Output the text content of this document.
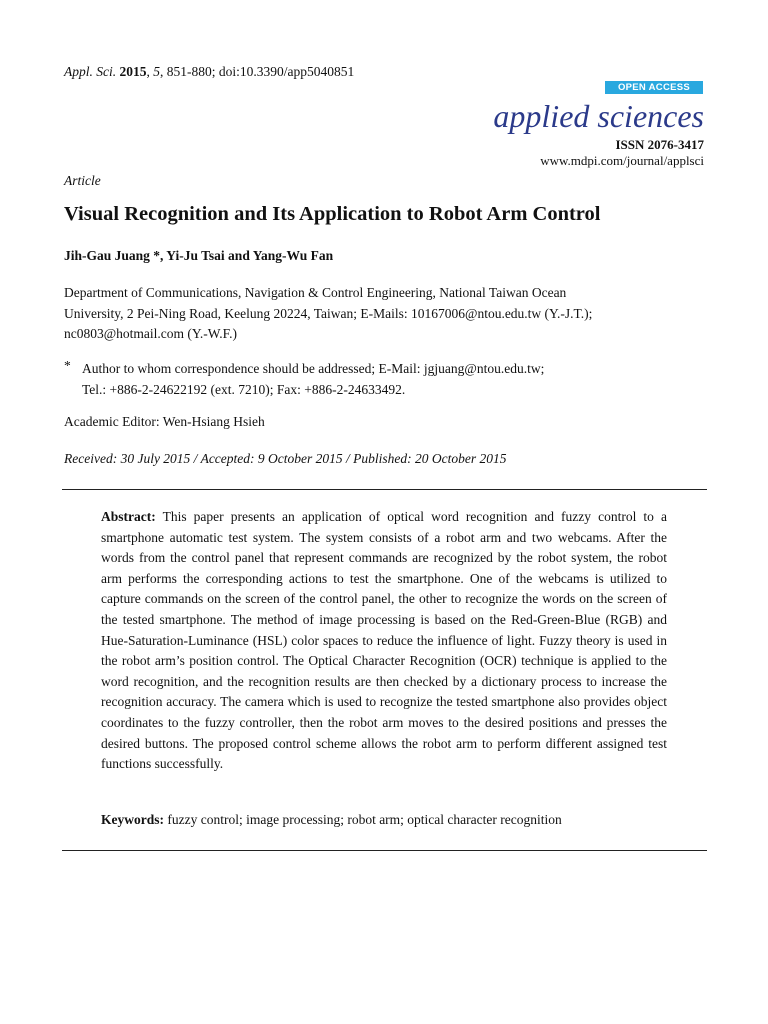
Appl. Sci. 2015, 5, 851-880; doi:10.3390/app5040851
OPEN ACCESS
applied sciences
ISSN 2076-3417
www.mdpi.com/journal/applsci
Article
Visual Recognition and Its Application to Robot Arm Control
Jih-Gau Juang *, Yi-Ju Tsai and Yang-Wu Fan
Department of Communications, Navigation & Control Engineering, National Taiwan Ocean
University, 2 Pei-Ning Road, Keelung 20224, Taiwan; E-Mails: 10167006@ntou.edu.tw (Y.-J.T.);
nc0803@hotmail.com (Y.-W.F.)
* Author to whom correspondence should be addressed; E-Mail: jgjuang@ntou.edu.tw;
Tel.: +886-2-24622192 (ext. 7210); Fax: +886-2-24633492.
Academic Editor: Wen-Hsiang Hsieh
Received: 30 July 2015 / Accepted: 9 October 2015 / Published: 20 October 2015
Abstract: This paper presents an application of optical word recognition and fuzzy control to a smartphone automatic test system. The system consists of a robot arm and two webcams. After the words from the control panel that represent commands are recognized by the robot system, the robot arm performs the corresponding actions to test the smartphone. One of the webcams is utilized to capture commands on the screen of the control panel, the other to recognize the words on the screen of the tested smartphone. The method of image processing is based on the Red-Green-Blue (RGB) and Hue-Saturation-Luminance (HSL) color spaces to reduce the influence of light. Fuzzy theory is used in the robot arm’s position control. The Optical Character Recognition (OCR) technique is applied to the word recognition, and the recognition results are then checked by a dictionary process to increase the recognition accuracy. The camera which is used to recognize the tested smartphone also provides object coordinates to the fuzzy controller, then the robot arm moves to the desired positions and presses the desired buttons. The proposed control scheme allows the robot arm to perform different assigned test functions successfully.
Keywords: fuzzy control; image processing; robot arm; optical character recognition
